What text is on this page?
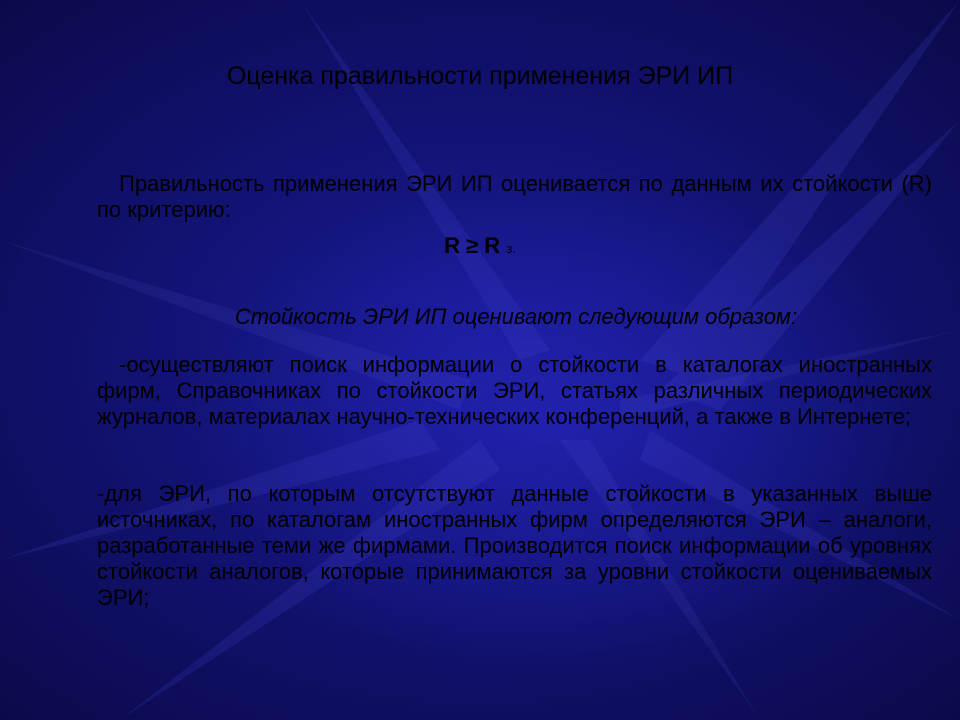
Оценка правильности применения ЭРИ ИП
Правильность применения ЭРИ ИП оценивается по данным их стойкости (R) по критерию:
R ≥ R з.
Стойкость ЭРИ ИП оценивают следующим образом:
-осуществляют поиск информации о стойкости в каталогах иностранных фирм, Справочниках по стойкости ЭРИ, статьях различных периодических журналов, материалах научно-технических конференций, а также в Интернете;
-для ЭРИ, по которым отсутствуют данные стойкости в указанных выше источниках, по каталогам иностранных фирм определяются ЭРИ – аналоги, разработанные теми же фирмами. Производится поиск информации об уровнях стойкости аналогов, которые принимаются за уровни стойкости оцениваемых ЭРИ;
